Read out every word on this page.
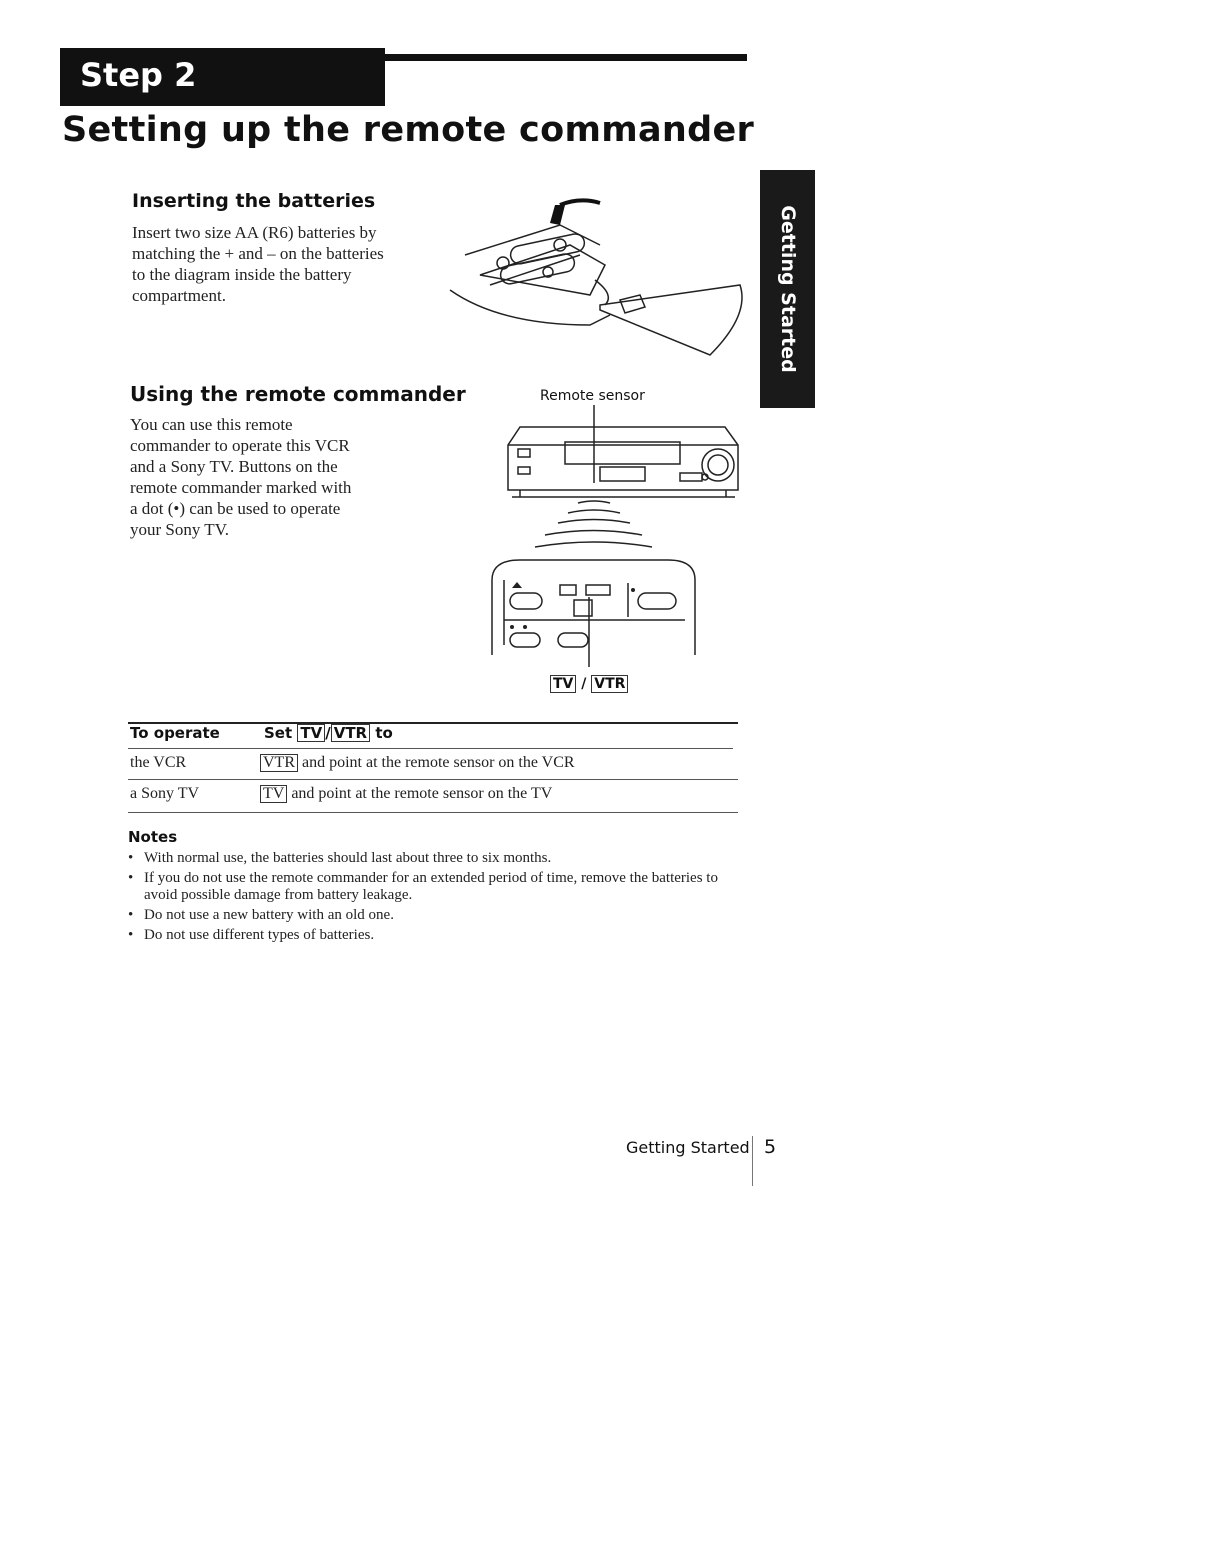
Step 2
Setting up the remote commander
Getting Started
Inserting the batteries
Insert two size AA (R6) batteries by
matching the + and – on the batteries
to the diagram inside the battery
compartment.
Using the remote commander
You can use this remote
commander to operate this VCR
and a Sony TV. Buttons on the
remote commander marked with
a dot (•) can be used to operate
your Sony TV.
Remote sensor
TV / VTR
To operate	Set TV / VTR to
the VCR	VTR and point at the remote sensor on the VCR
a Sony TV	TV and point at the remote sensor on the TV
Notes
• With normal use, the batteries should last about three to six months.
• If you do not use the remote commander for an extended period of time, remove the batteries to avoid possible damage from battery leakage.
• Do not use a new battery with an old one.
• Do not use different types of batteries.
Getting Started 5
